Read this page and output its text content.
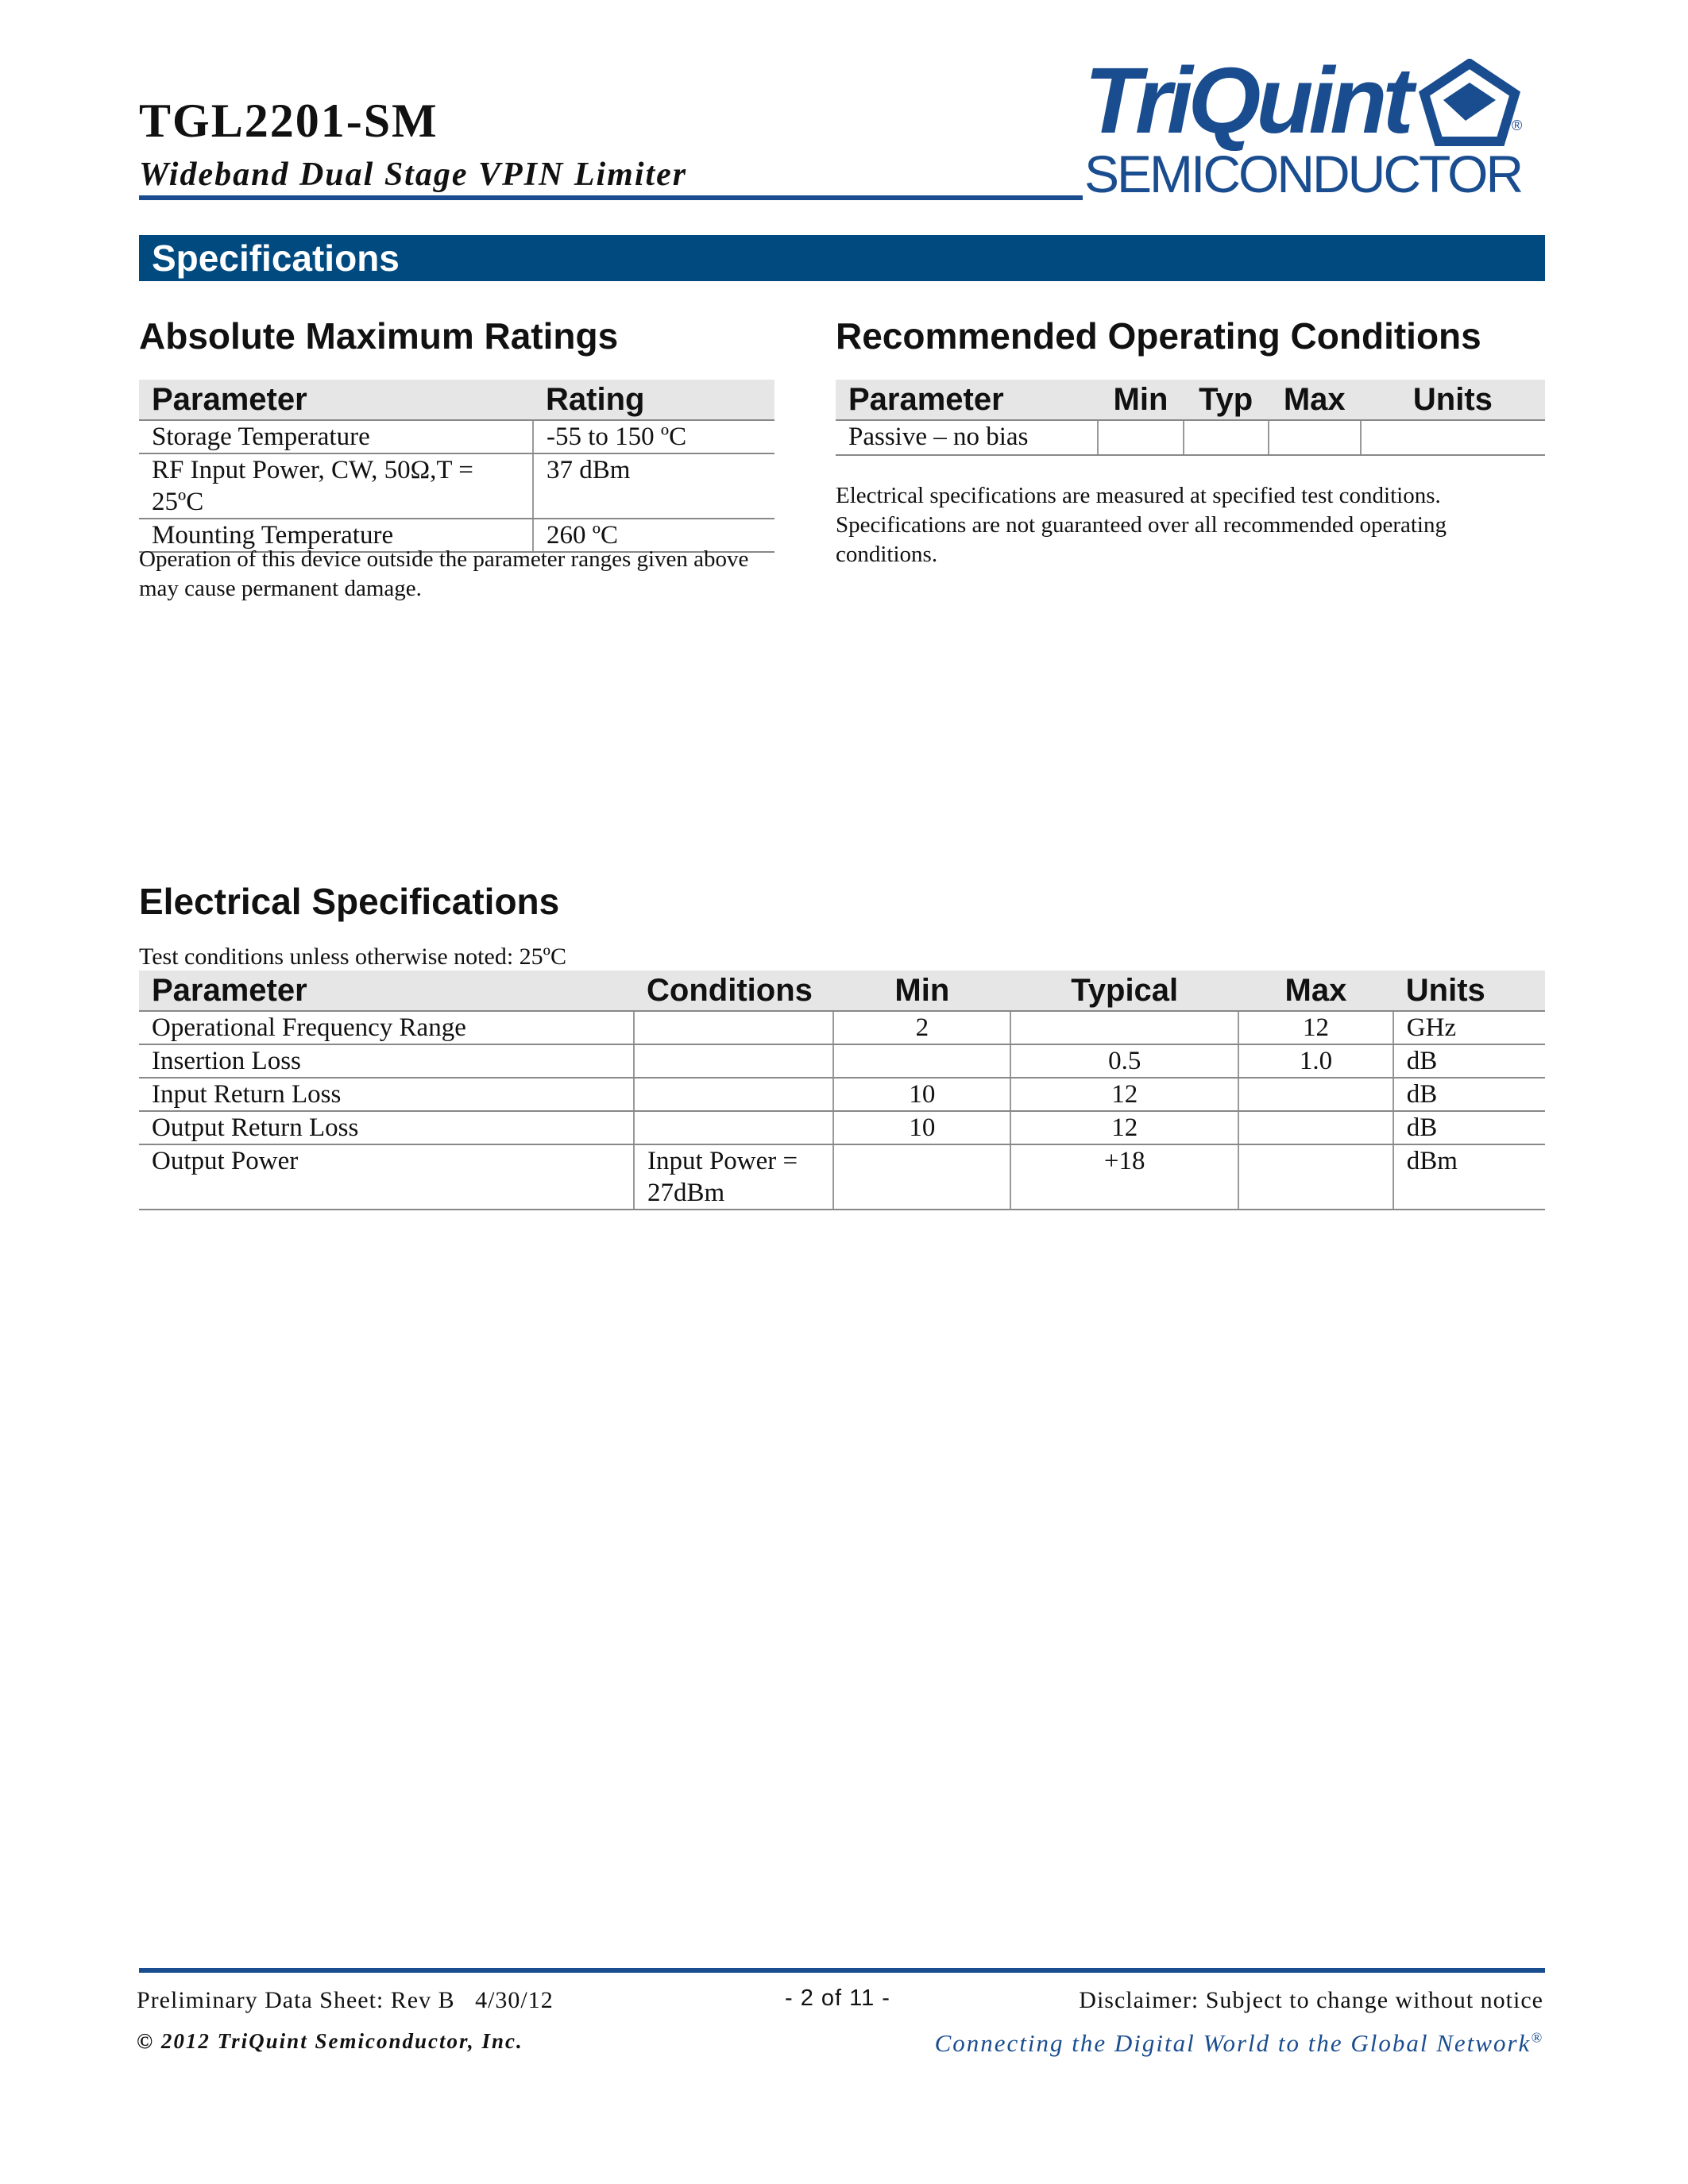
TGL2201-SM
Wideband Dual Stage VPIN Limiter
TriQuint
SEMICONDUCTOR
®
Specifications
Absolute Maximum Ratings
Parameter	Rating
Storage Temperature	-55 to 150 ºC
RF Input Power, CW, 50Ω,T = 25ºC	37 dBm
Mounting Temperature	260 ºC

Operation of this device outside the parameter ranges given above may cause permanent damage.

Recommended Operating Conditions
Parameter	Min	Typ	Max	Units
Passive – no bias				

Electrical specifications are measured at specified test conditions. Specifications are not guaranteed over all recommended operating conditions.

Electrical Specifications

Test conditions unless otherwise noted: 25ºC

Parameter	Conditions	Min	Typical	Max	Units
Operational Frequency Range		2		12	GHz
Insertion Loss			0.5	1.0	dB
Input Return Loss		10	12		dB
Output Return Loss		10	12		dB
Output Power	Input Power = 27dBm		+18		dBm
Preliminary Data Sheet: Rev B   4/30/12	- 2 of 11 -	Disclaimer: Subject to change without notice
© 2012 TriQuint Semiconductor, Inc.	Connecting the Digital World to the Global Network®
